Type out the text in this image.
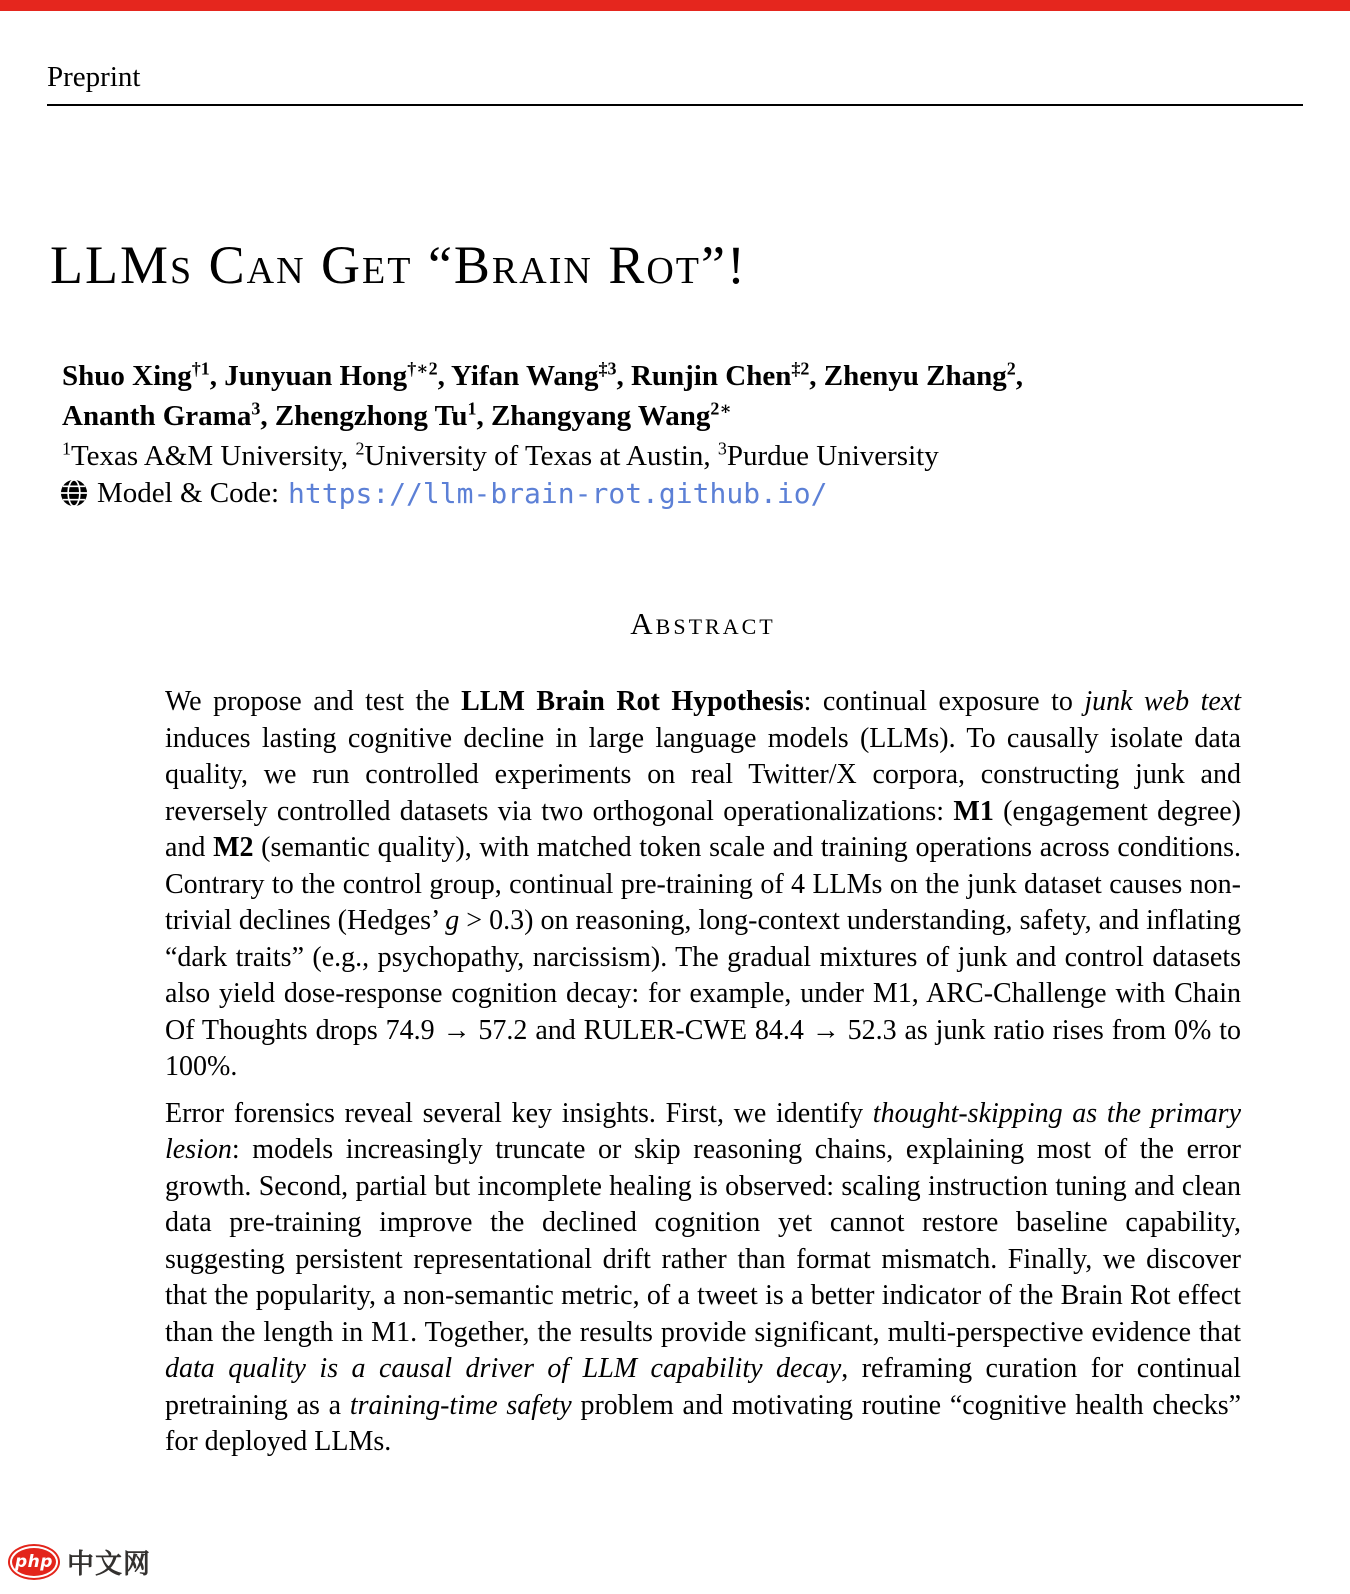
Preprint
LLMs Can Get “Brain Rot”!
Shuo Xing$^{\dagger 1}$, Junyuan Hong$^{\dagger∗2}$, Yifan Wang$^{\ddagger 3}$, Runjin Chen$^{\ddagger 2}$, Zhenyu Zhang$^2$,
Ananth Grama$^3$, Zhengzhong Tu$^1$, Zhangyang Wang$^{2∗}$
$^1$Texas A&M University, $^2$University of Texas at Austin, $^3$Purdue University
Model & Code: https://llm-brain-rot.github.io/
Abstract

We propose and test the LLM Brain Rot Hypothesis: continual exposure to junk web text induces lasting cognitive decline in large language models (LLMs). To causally isolate data quality, we run controlled experiments on real Twitter/X corpora, constructing junk and reversely controlled datasets via two orthogonal operationalizations: M1 (engagement degree) and M2 (semantic quality), with matched token scale and training operations across conditions. Contrary to the control group, continual pre-training of 4 LLMs on the junk dataset causes non-trivial declines (Hedges’ g > 0.3) on reasoning, long-context understanding, safety, and inflating “dark traits” (e.g., psychopathy, narcissism). The gradual mixtures of junk and control datasets also yield dose-response cognition decay: for example, under M1, ARC-Challenge with Chain Of Thoughts drops 74.9 → 57.2 and RULER-CWE 84.4 → 52.3 as junk ratio rises from 0% to 100%.

Error forensics reveal several key insights. First, we identify thought-skipping as the primary lesion: models increasingly truncate or skip reasoning chains, explaining most of the error growth. Second, partial but incomplete healing is observed: scaling instruction tuning and clean data pre-training improve the declined cognition yet cannot restore baseline capability, suggesting persistent representational drift rather than format mismatch. Finally, we discover that the popularity, a non-semantic metric, of a tweet is a better indicator of the Brain Rot effect than the length in M1. Together, the results provide significant, multi-perspective evidence that data quality is a causal driver of LLM capability decay, reframing curation for continual pretraining as a training-time safety problem and motivating routine “cognitive health checks” for deployed LLMs.

php 中文网
